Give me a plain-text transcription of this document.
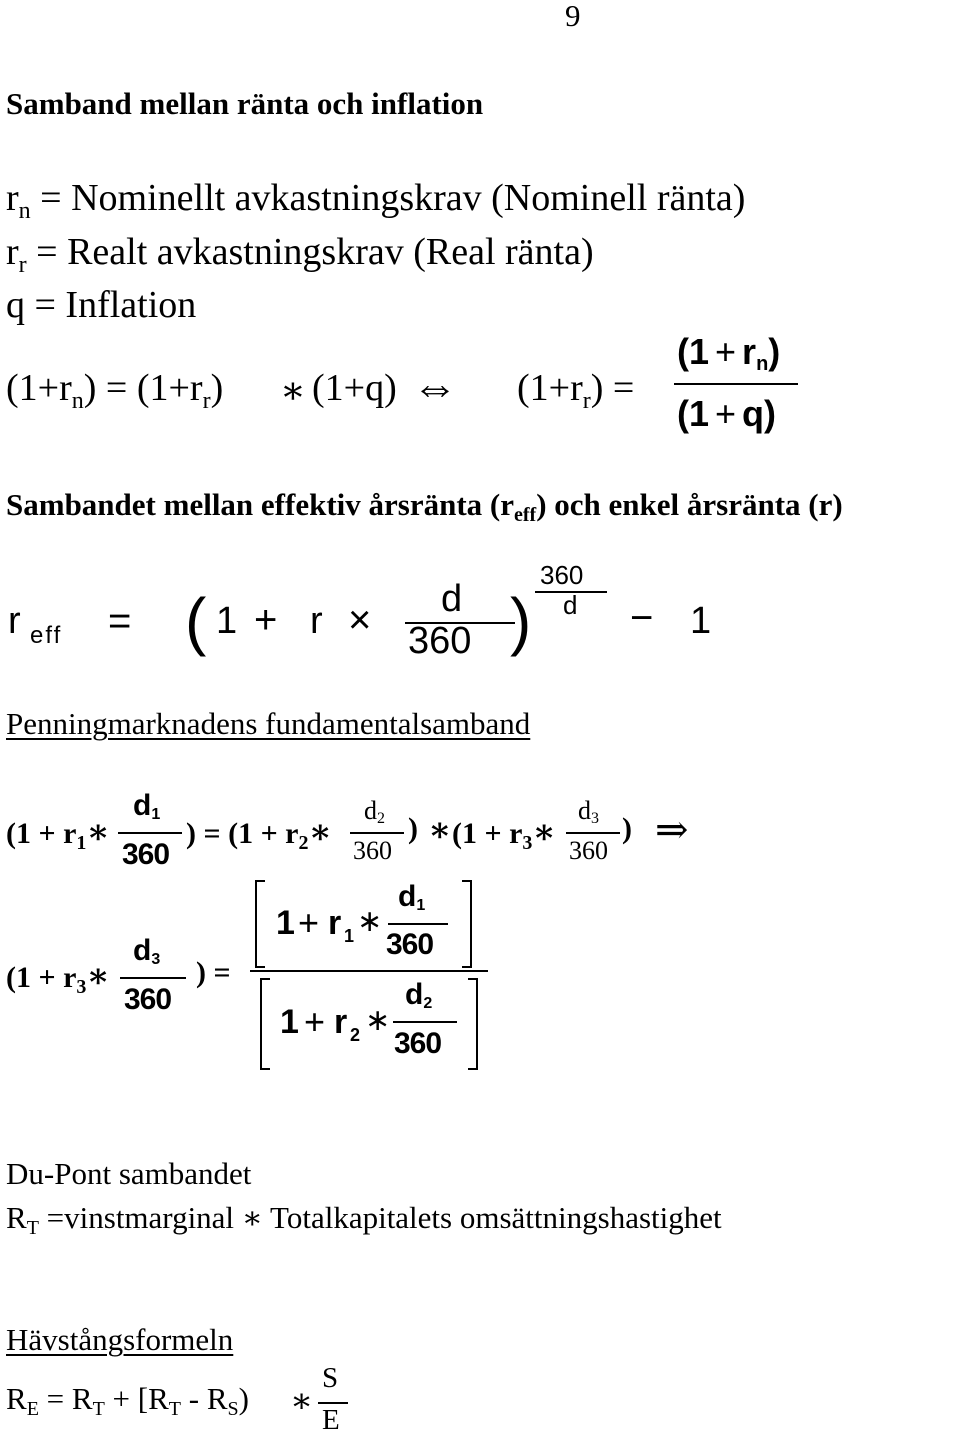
9
Samband mellan ränta och inflation
$r_n$ = Nominellt avkastningskrav (Nominell ränta)
$r_r$ = Realt avkastningskrav (Real ränta)
q = Inflation
$(1+r_n) = (1+r_r)$ ∗ (1+q) ⇔ $(1+r_r)$ =
(1 + rn)
(1 + q)
Sambandet mellan effektiv årsränta (reff) och enkel årsränta (r)
r eff = ( 1 + r × d
360 )
360
d − 1
Penningmarknadens fundamentalsamband
($1 + r_1∗$
d1
360
) = ($1 + r_2∗$
d2
360
) ∗ ($1 + r_3∗$
d3
360
) ⇒
($1 + r_3∗$
d3
360
) =
1 + r 1 ∗
d1
360
1 + r 2 ∗
d2
360
Du-Pont sambandet
RT =vinstmarginal ∗ Totalkapitalets omsättningshastighet
Hävstångsformeln
RE = RT + [RT - RS) ∗
S
E
